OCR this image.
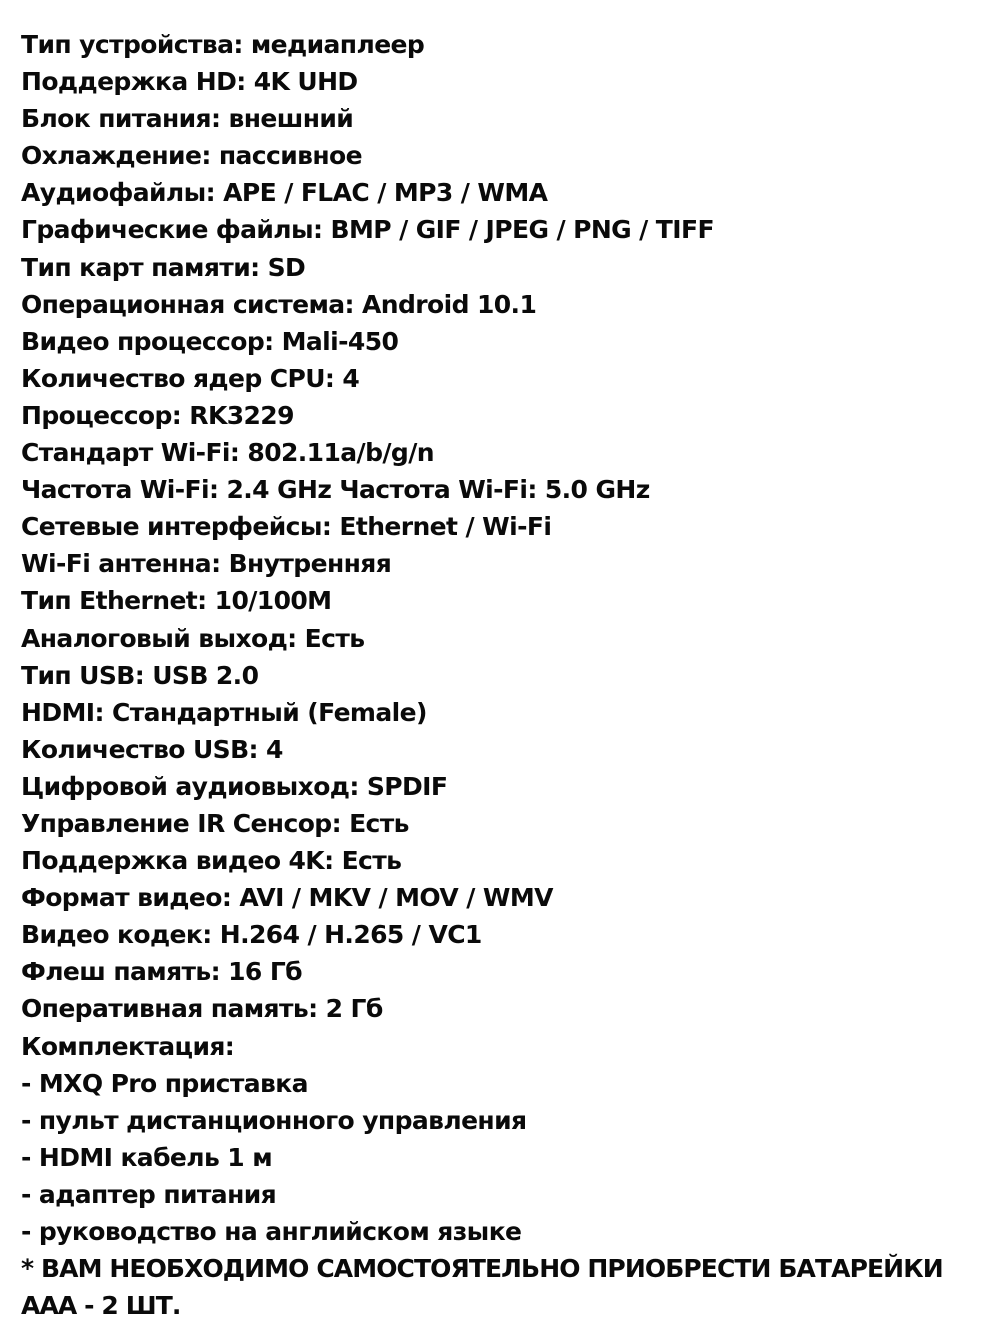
Тип устройства: медиаплеер
Поддержка HD: 4K UHD
Блок питания: внешний
Охлаждение: пассивное
Аудиофайлы: APE / FLAC / MP3 / WMA
Графические файлы: BMP / GIF / JPEG / PNG / TIFF
Тип карт памяти: SD
Операционная система: Android 10.1
Видео процессор: Mali-450
Количество ядер CPU: 4
Процессор: RK3229
Стандарт Wi-Fi: 802.11a/b/g/n
Частота Wi-Fi: 2.4 GHz Частота Wi-Fi: 5.0 GHz
Сетевые интерфейсы: Ethernet / Wi-Fi
Wi-Fi антенна: Внутренняя
Тип Ethernet: 10/100M
Аналоговый выход: Есть
Тип USB: USB 2.0
HDMI: Стандартный (Female)
Количество USB: 4
Цифровой аудиовыход: SPDIF
Управление IR Сенсор: Есть
Поддержка видео 4K: Есть
Формат видео: AVI / MKV / MOV / WMV
Видео кодек: H.264 / H.265 / VC1
Флеш память: 16 Гб
Оперативная память: 2 Гб
Комплектация:
- MXQ Pro приставка
- пульт дистанционного управления
- HDMI кабель 1 м
- адаптер питания
- руководство на английском языке
* ВАМ НЕОБХОДИМО САМОСТОЯТЕЛЬНО ПРИОБРЕСТИ БАТАРЕЙКИ AAA - 2 ШТ.
